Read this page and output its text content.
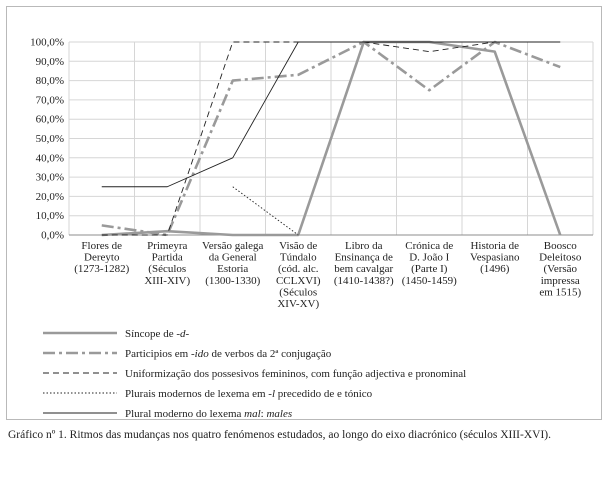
0,0%
10,0%
20,0%
30,0%
40,0%
50,0%
60,0%
70,0%
80,0%
90,0%
100,0%
Flores de Dereyto (1273-1282)
Primeyra Partida (Séculos XIII-XIV)
Versão galega da General Estoria (1300-1330)
Visão de Túndalo (cód. alc. CCLXVI) (Séculos XIV-XV)
Libro da Ensinança de bem cavalgar (1410-1438?)
Crónica de D. João I (Parte I) (1450-1459)
Historia de Vespasiano (1496)
Boosco Deleitoso (Versão impressa em 1515)
Síncope de -d-
Participios em -ido de verbos da 2ª conjugação
Uniformização dos possesivos femininos, com função adjectiva e pronominal
Plurais modernos de lexema em -l precedido de e tónico
Plural moderno do lexema mal: males
Gráfico nº 1. Ritmos das mudanças nos quatro fenómenos estudados, ao longo do eixo diacrónico (séculos XIII-XVI).
